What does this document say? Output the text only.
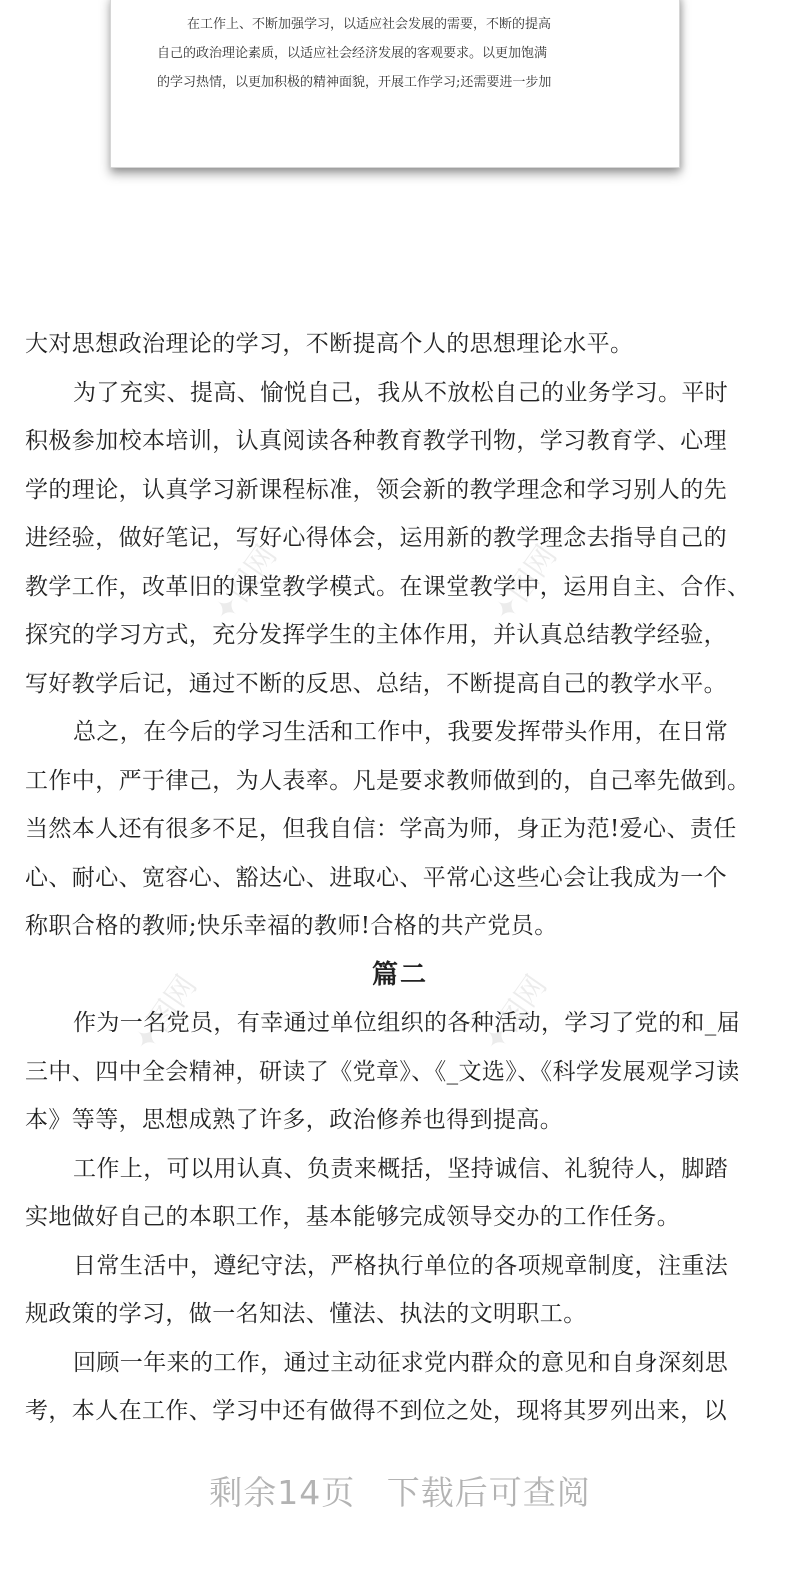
在工作上、不断加强学习，以适应社会发展的需要，不断的提高
自己的政治理论素质，以适应社会经济发展的客观要求。以更加饱满
的学习热情，以更加积极的精神面貌，开展工作学习;还需要进一步加
✦图网	✦图网
✦图网	✦图网
大对思想政治理论的学习，不断提高个人的思想理论水平。
为了充实、提高、愉悦自己，我从不放松自己的业务学习。平时
积极参加校本培训，认真阅读各种教育教学刊物，学习教育学、心理
学的理论，认真学习新课程标准，领会新的教学理念和学习别人的先
进经验，做好笔记，写好心得体会，运用新的教学理念去指导自己的
教学工作，改革旧的课堂教学模式。在课堂教学中，运用自主、合作、
探究的学习方式，充分发挥学生的主体作用，并认真总结教学经验，
写好教学后记，通过不断的反思、总结，不断提高自己的教学水平。
总之，在今后的学习生活和工作中，我要发挥带头作用，在日常
工作中，严于律己，为人表率。凡是要求教师做到的，自己率先做到。
当然本人还有很多不足，但我自信：学高为师，身正为范!爱心、责任
心、耐心、宽容心、豁达心、进取心、平常心这些心会让我成为一个
称职合格的教师;快乐幸福的教师!合格的共产党员。
篇二
作为一名党员，有幸通过单位组织的各种活动，学习了党的和_届
三中、四中全会精神，研读了《党章》、《_文选》、《科学发展观学习读
本》等等，思想成熟了许多，政治修养也得到提高。
工作上，可以用认真、负责来概括，坚持诚信、礼貌待人，脚踏
实地做好自己的本职工作，基本能够完成领导交办的工作任务。
日常生活中，遵纪守法，严格执行单位的各项规章制度，注重法
规政策的学习，做一名知法、懂法、执法的文明职工。
回顾一年来的工作，通过主动征求党内群众的意见和自身深刻思
考，本人在工作、学习中还有做得不到位之处，现将其罗列出来，以
剩余14页 下载后可查阅
